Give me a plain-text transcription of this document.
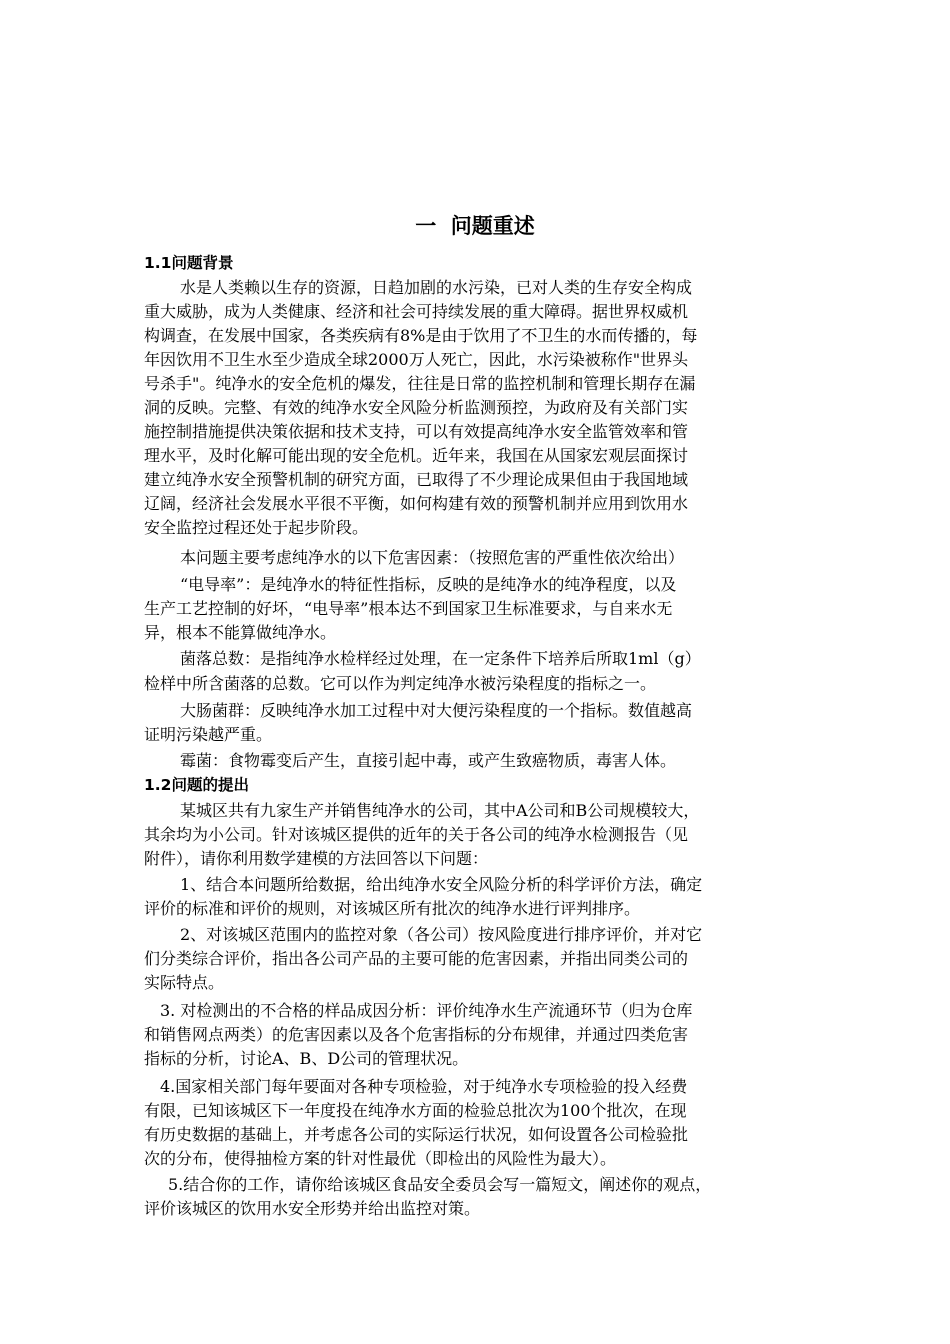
一  问题重述
1.1问题背景
水是人类赖以生存的资源，日趋加剧的水污染，已对人类的生存安全构成
重大威胁，成为人类健康、经济和社会可持续发展的重大障碍。据世界权威机
构调查，在发展中国家，各类疾病有8%是由于饮用了不卫生的水而传播的，每
年因饮用不卫生水至少造成全球2000万人死亡，因此，水污染被称作"世界头
号杀手"。纯净水的安全危机的爆发，往往是日常的监控机制和管理长期存在漏
洞的反映。完整、有效的纯净水安全风险分析监测预控，为政府及有关部门实
施控制措施提供决策依据和技术支持，可以有效提高纯净水安全监管效率和管
理水平，及时化解可能出现的安全危机。近年来，我国在从国家宏观层面探讨
建立纯净水安全预警机制的研究方面，已取得了不少理论成果但由于我国地域
辽阔，经济社会发展水平很不平衡，如何构建有效的预警机制并应用到饮用水
安全监控过程还处于起步阶段。
本问题主要考虑纯净水的以下危害因素：（按照危害的严重性依次给出）
“电导率”：是纯净水的特征性指标，反映的是纯净水的纯净程度，以及
生产工艺控制的好坏，“电导率”根本达不到国家卫生标准要求，与自来水无
异，根本不能算做纯净水。
菌落总数：是指纯净水检样经过处理，在一定条件下培养后所取1ml（g）
检样中所含菌落的总数。它可以作为判定纯净水被污染程度的指标之一。
大肠菌群：反映纯净水加工过程中对大便污染程度的一个指标。数值越高
证明污染越严重。
霉菌：食物霉变后产生，直接引起中毒，或产生致癌物质，毒害人体。
1.2问题的提出
某城区共有九家生产并销售纯净水的公司，其中A公司和B公司规模较大，
其余均为小公司。针对该城区提供的近年的关于各公司的纯净水检测报告（见
附件），请你利用数学建模的方法回答以下问题：
1、结合本问题所给数据，给出纯净水安全风险分析的科学评价方法，确定
评价的标准和评价的规则，对该城区所有批次的纯净水进行评判排序。
2、对该城区范围内的监控对象（各公司）按风险度进行排序评价，并对它
们分类综合评价，指出各公司产品的主要可能的危害因素，并指出同类公司的
实际特点。
3. 对检测出的不合格的样品成因分析：评价纯净水生产流通环节（归为仓库
和销售网点两类）的危害因素以及各个危害指标的分布规律，并通过四类危害
指标的分析，讨论A、B、D公司的管理状况。
4.国家相关部门每年要面对各种专项检验，对于纯净水专项检验的投入经费
有限，已知该城区下一年度投在纯净水方面的检验总批次为100个批次，在现
有历史数据的基础上，并考虑各公司的实际运行状况，如何设置各公司检验批
次的分布，使得抽检方案的针对性最优（即检出的风险性为最大）。
5.结合你的工作，请你给该城区食品安全委员会写一篇短文，阐述你的观点，
评价该城区的饮用水安全形势并给出监控对策。
